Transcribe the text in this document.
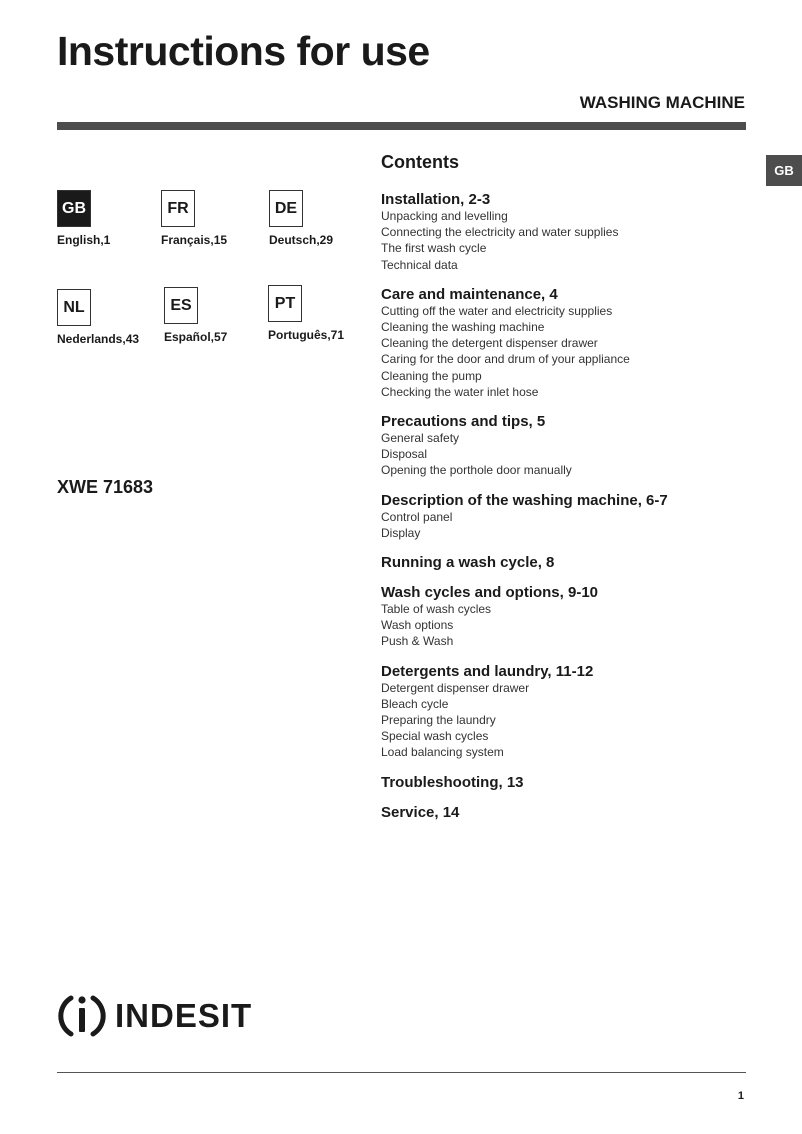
Instructions for use
WASHING MACHINE
GB
GB
English,1
FR
Français,15
DE
Deutsch,29
NL
Nederlands,43
ES
Español,57
PT
Português,71
XWE 71683
Contents
Installation, 2-3
Unpacking and levelling
Connecting the electricity and water supplies
The first wash cycle
Technical data
Care and maintenance, 4
Cutting off the water and electricity supplies
Cleaning the washing machine
Cleaning the detergent dispenser drawer
Caring for the door and drum of your appliance
Cleaning the pump
Checking the water inlet hose
Precautions and tips, 5
General safety
Disposal
Opening the porthole door manually
Description of the washing machine, 6-7
Control panel
Display
Running a wash cycle, 8
Wash cycles and options, 9-10
Table of wash cycles
Wash options
Push & Wash
Detergents and laundry, 11-12
Detergent dispenser drawer
Bleach cycle
Preparing the laundry
Special wash cycles
Load balancing system
Troubleshooting, 13
Service, 14
INDESIT
1
